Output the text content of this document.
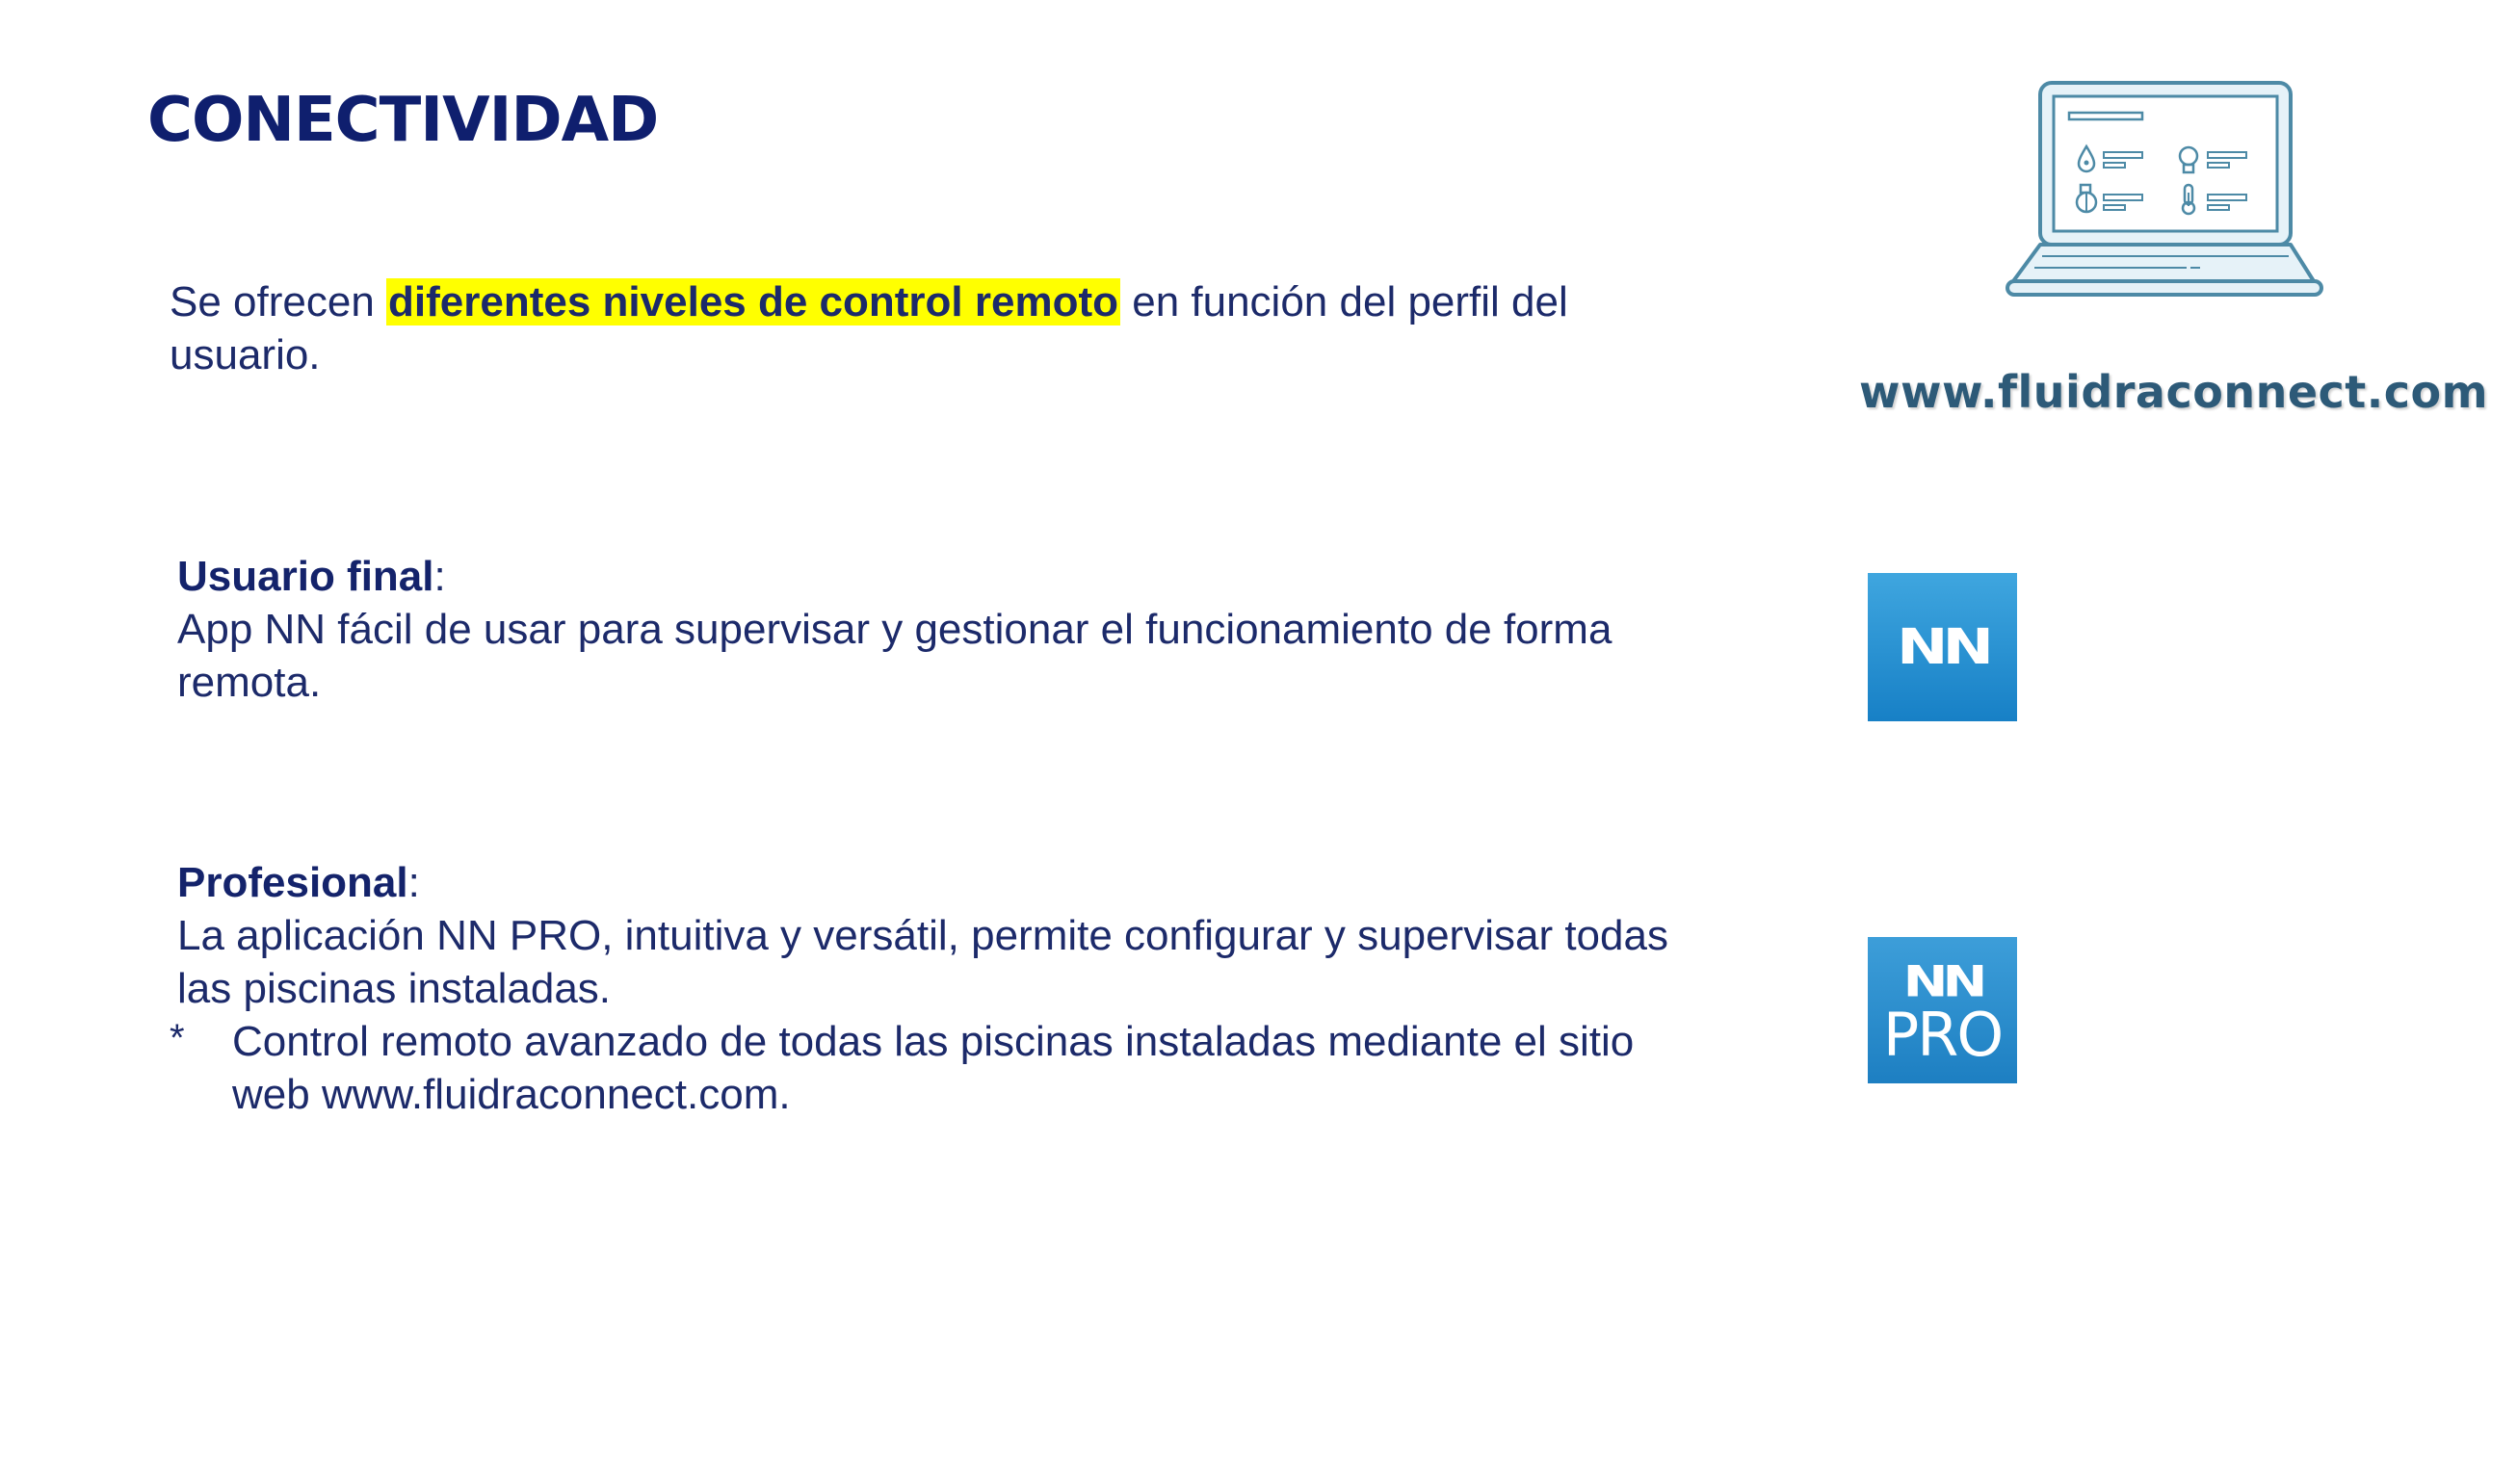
CONECTIVIDAD

Se ofrecen diferentes niveles de control remoto en función del perfil del usuario.

Usuario final:
App NN fácil de usar para supervisar y gestionar el funcionamiento de forma remota.
Profesional:
La aplicación NN PRO, intuitiva y versátil, permite configurar y supervisar todas las piscinas instaladas.
* Control remoto avanzado de todas las piscinas instaladas mediante el sitio web www.fluidraconnect.com.

www.fluidraconnect.com
NN
NN
PRO
